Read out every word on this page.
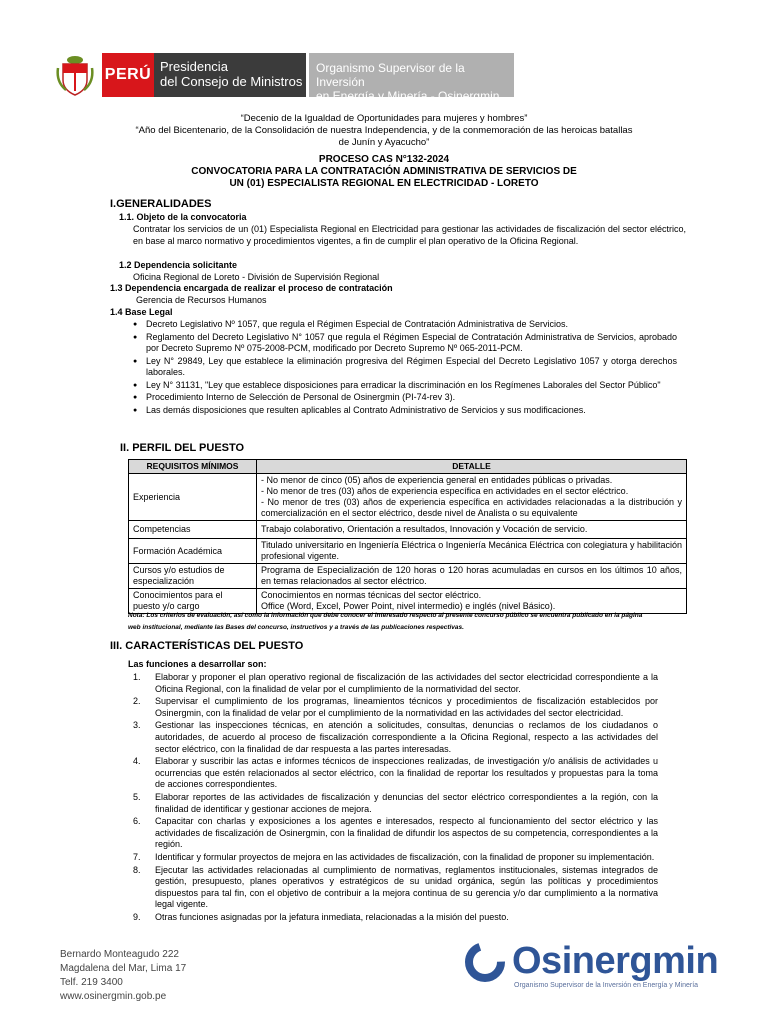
PERÚ Presidencia
del Consejo de Ministros
Organismo Supervisor de la Inversión
en Energía y Minería - Osinergmin
“Decenio de la Igualdad de Oportunidades para mujeres y hombres”
“Año del Bicentenario, de la Consolidación de nuestra Independencia, y de la conmemoración de las heroicas batallas
de Junín y Ayacucho”
PROCESO CAS N°132-2024
CONVOCATORIA PARA LA CONTRATACIÓN ADMINISTRATIVA DE SERVICIOS DE
UN (01) ESPECIALISTA REGIONAL EN ELECTRICIDAD - LORETO
I.GENERALIDADES
1.1. Objeto de la convocatoria
Contratar los servicios de un (01) Especialista Regional en Electricidad para gestionar las actividades de fiscalización del sector eléctrico, en base al marco normativo y procedimientos vigentes, a fin de cumplir el plan operativo de la Oficina Regional.
1.2 Dependencia solicitante
Oficina Regional de Loreto - División de Supervisión Regional
1.3 Dependencia encargada de realizar el proceso de contratación
Gerencia de Recursos Humanos
1.4 Base Legal
● Decreto Legislativo Nº 1057, que regula el Régimen Especial de Contratación Administrativa de Servicios.
● Reglamento del Decreto Legislativo N° 1057 que regula el Régimen Especial de Contratación Administrativa de Servicios, aprobado por Decreto Supremo Nº 075-2008-PCM, modificado por Decreto Supremo Nº 065-2011-PCM.
● Ley N° 29849, Ley que establece la eliminación progresiva del Régimen Especial del Decreto Legislativo 1057 y otorga derechos laborales.
● Ley N° 31131, "Ley que establece disposiciones para erradicar la discriminación en los Regímenes Laborales del Sector Público"
● Procedimiento Interno de Selección de Personal de Osinergmin (PI-74-rev 3).
● Las demás disposiciones que resulten aplicables al Contrato Administrativo de Servicios y sus modificaciones.
II. PERFIL DEL PUESTO
REQUISITOS MÍNIMOS	DETALLE
Experiencia	- No menor de cinco (05) años de experiencia general en entidades públicas o privadas.
- No menor de tres (03) años de experiencia específica en actividades en el sector eléctrico.
- No menor de tres (03) años de experiencia específica en actividades relacionadas a la distribución y comercialización en el sector eléctrico, desde nivel de Analista o su equivalente

Competencias	Trabajo colaborativo, Orientación a resultados, Innovación y Vocación de servicio.
Formación Académica	Titulado universitario en Ingeniería Eléctrica o Ingeniería Mecánica Eléctrica con colegiatura y habilitación profesional vigente.
Cursos y/o estudios de especialización	Programa de Especialización de 120 horas o 120 horas acumuladas en cursos en los últimos 10 años, en temas relacionados al sector eléctrico.
Conocimientos para el puesto y/o cargo	Conocimientos en normas técnicas del sector eléctrico.
Office (Word, Excel, Power Point, nivel intermedio) e inglés (nivel Básico).
Nota: Los criterios de evaluación, así como la información que debe conocer el interesado respecto al presente concurso público se encuentra publicado en la página
web institucional, mediante las Bases del concurso, instructivos y a través de las publicaciones respectivas.
III. CARACTERÍSTICAS DEL PUESTO
Las funciones a desarrollar son:
1. Elaborar y proponer el plan operativo regional de fiscalización de las actividades del sector electricidad correspondiente a la Oficina Regional, con la finalidad de velar por el cumplimiento de la normatividad del sector.
2. Supervisar el cumplimiento de los programas, lineamientos técnicos y procedimientos de fiscalización establecidos por Osinergmin, con la finalidad de velar por el cumplimiento de la normatividad en las actividades del sector electricidad.
3. Gestionar las inspecciones técnicas, en atención a solicitudes, consultas, denuncias o reclamos de los ciudadanos o autoridades, de acuerdo al proceso de fiscalización correspondiente a la Oficina Regional, respecto a las actividades del sector eléctrico, con la finalidad de dar respuesta a las partes interesadas.
4. Elaborar y suscribir las actas e informes técnicos de inspecciones realizadas, de investigación y/o análisis de actividades u ocurrencias que estén relacionados al sector eléctrico, con la finalidad de reportar los resultados y propuestas para la toma de acciones correspondientes.
5. Elaborar reportes de las actividades de fiscalización y denuncias del sector eléctrico correspondientes a la región, con la finalidad de identificar y gestionar acciones de mejora.
6. Capacitar con charlas y exposiciones a los agentes e interesados, respecto al funcionamiento del sector eléctrico y las actividades de fiscalización de Osinergmin, con la finalidad de difundir los aspectos de su competencia, correspondientes a la región.
7. Identificar y formular proyectos de mejora en las actividades de fiscalización, con la finalidad de proponer su implementación.
8. Ejecutar las actividades relacionadas al cumplimiento de normativas, reglamentos institucionales, sistemas integrados de gestión, presupuesto, planes operativos y estratégicos de su unidad orgánica, según las políticas y procedimientos dispuestos para tal fin, con el objetivo de contribuir a la mejora continua de su gerencia y/o dar cumplimiento a la normativa legal vigente.
9. Otras funciones asignadas por la jefatura inmediata, relacionadas a la misión del puesto.
Bernardo Monteagudo 222
Magdalena del Mar, Lima 17
Telf. 219 3400
www.osinergmin.gob.pe
Osinergmin
Organismo Supervisor de la Inversión en Energía y Minería
